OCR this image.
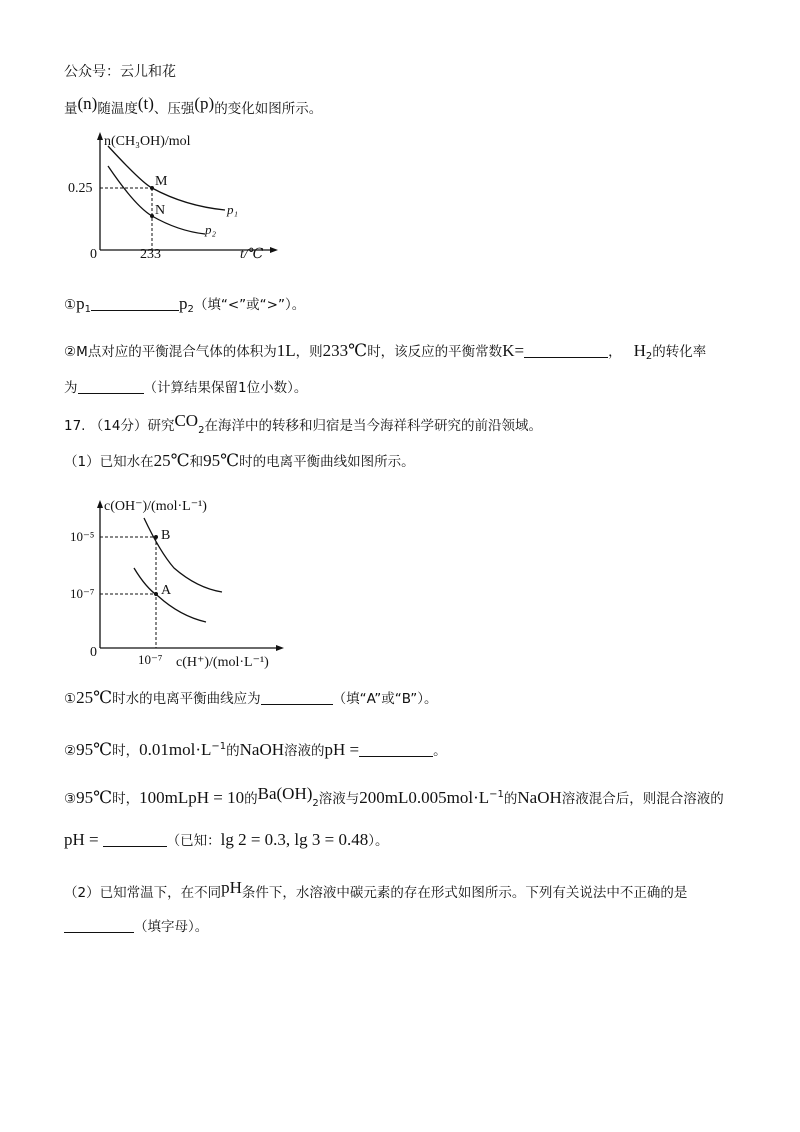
公众号：云儿和花
量(n)随温度(t)、压强(p)的变化如图所示。
n(CH₃OH)/mol
0.25
0	233	t/℃
M
N	p₁
p₂
$①p_1$	$p_2$（填“<”或“>”）。
②M点对应的平衡混合气体的体积为1L，则233℃时，该反应的平衡常数K=	， $H_2$的转化率
为	（计算结果保留1位小数）。
17. （14分）研究$CO_2$在海洋中的转移和归宿是当今海祥科学研究的前沿领域。
（1）已知水在25℃和95℃时的电离平衡曲线如图所示。
c(OH⁻)/(mol·L⁻¹)
10⁻⁵
10⁻⁷
0	10⁻⁷ c(H⁺)/(mol·L⁻¹)
B
A
①25℃时水的电离平衡曲线应为	（填“A”或“B”）。
②95℃时，$0.01mol\cdot L^{-1}$的NaOH溶液的pH =	。
③95℃时，100mLpH = 10的$Ba(OH)_2$溶液与$200mL0.005mol\cdot L^{-1}$的NaOH溶液混合后，则混合溶液的
pH =	（已知：lg 2 = 0.3, lg 3 = 0.48）。
（2）已知常温下，在不同pH条件下，水溶液中碳元素的存在形式如图所示。下列有关说法中不正确的是
（填字母）。
